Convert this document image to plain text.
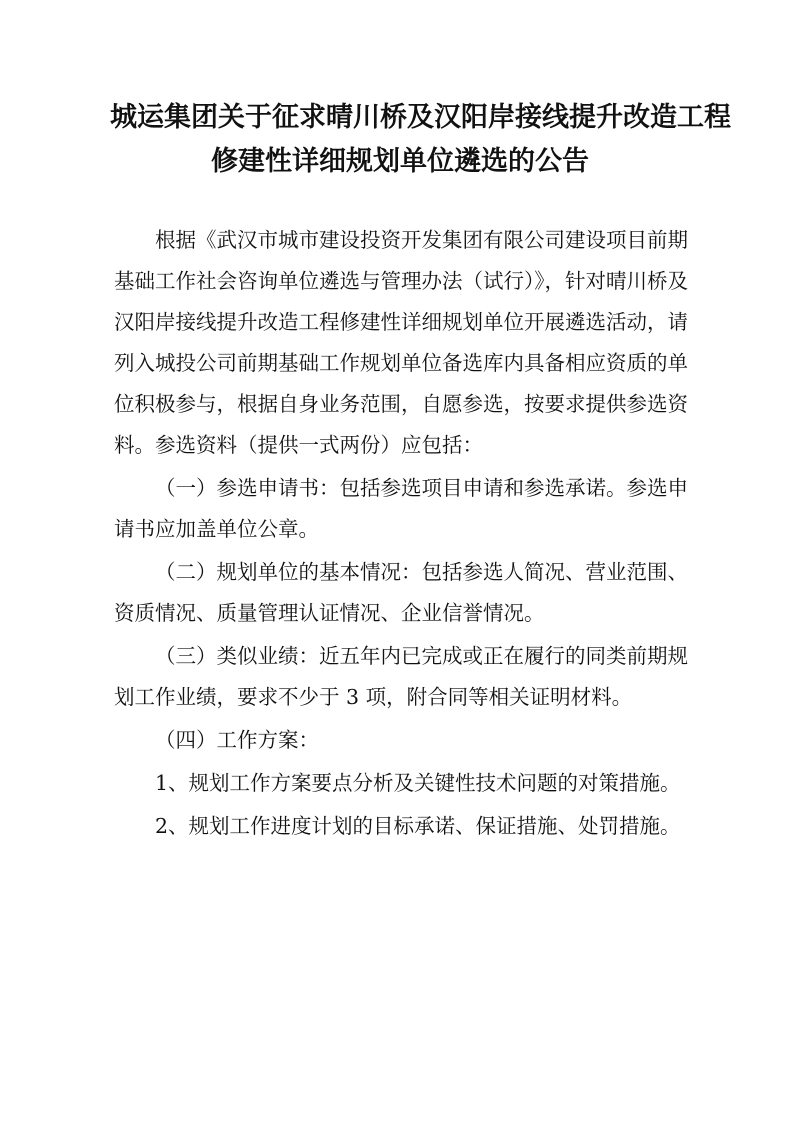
城运集团关于征求晴川桥及汉阳岸接线提升改造工程
修建性详细规划单位遴选的公告

根据《武汉市城市建设投资开发集团有限公司建设项目前期基础工作社会咨询单位遴选与管理办法（试行）》，针对晴川桥及汉阳岸接线提升改造工程修建性详细规划单位开展遴选活动，请列入城投公司前期基础工作规划单位备选库内具备相应资质的单位积极参与，根据自身业务范围，自愿参选，按要求提供参选资料。参选资料（提供一式两份）应包括：

（一）参选申请书：包括参选项目申请和参选承诺。参选申请书应加盖单位公章。

（二）规划单位的基本情况：包括参选人简况、营业范围、资质情况、质量管理认证情况、企业信誉情况。

（三）类似业绩：近五年内已完成或正在履行的同类前期规划工作业绩，要求不少于 3 项，附合同等相关证明材料。

（四）工作方案：

1、规划工作方案要点分析及关键性技术问题的对策措施。

2、规划工作进度计划的目标承诺、保证措施、处罚措施。
